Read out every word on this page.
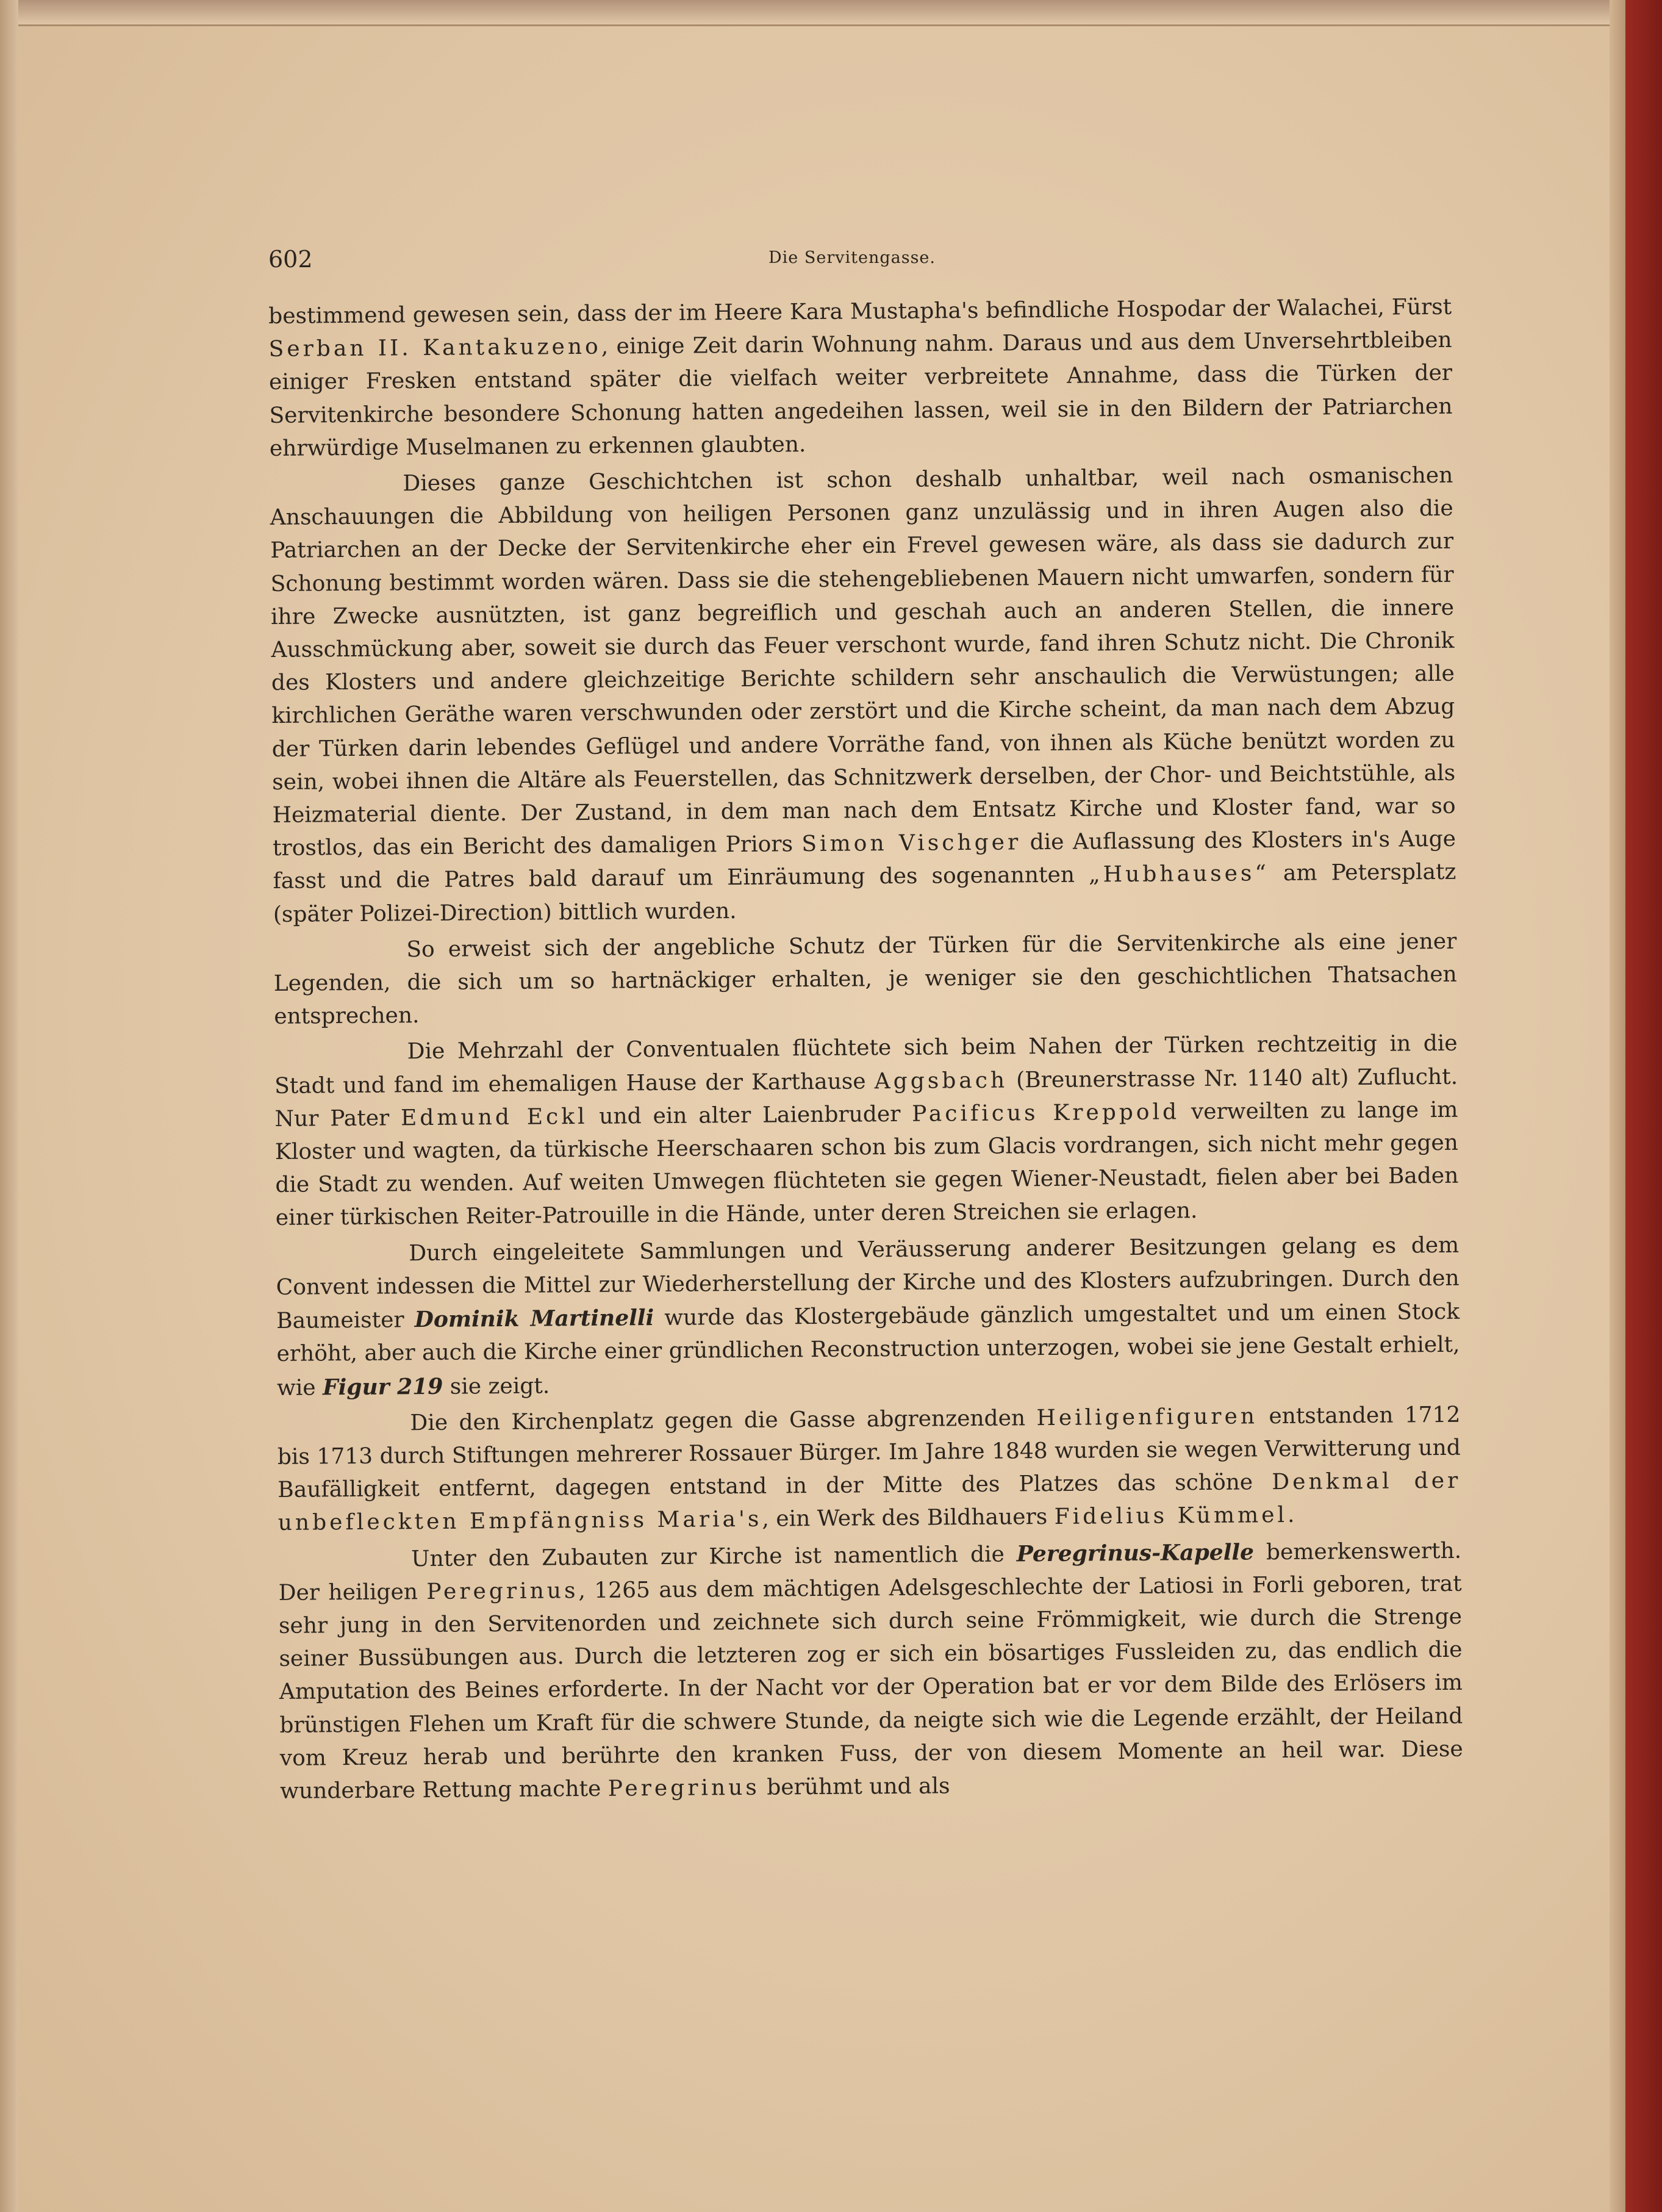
602	Die Servitengasse.

bestimmend gewesen sein, dass der im Heere Kara Mustapha's befindliche Hospodar der Walachei, Fürst Serban II. Kantakuzeno, einige Zeit darin Wohnung nahm. Daraus und aus dem Unversehrtbleiben einiger Fresken entstand später die vielfach weiter verbreitete Annahme, dass die Türken der Servitenkirche besondere Schonung hatten angedeihen lassen, weil sie in den Bildern der Patriarchen ehrwürdige Muselmanen zu erkennen glaubten.

Dieses ganze Geschichtchen ist schon deshalb unhaltbar, weil nach osmanischen Anschauungen die Abbildung von heiligen Personen ganz unzulässig und in ihren Augen also die Patriarchen an der Decke der Servitenkirche eher ein Frevel gewesen wäre, als dass sie dadurch zur Schonung bestimmt worden wären. Dass sie die stehengebliebenen Mauern nicht umwarfen, sondern für ihre Zwecke ausnützten, ist ganz begreiflich und geschah auch an anderen Stellen, die innere Ausschmückung aber, soweit sie durch das Feuer verschont wurde, fand ihren Schutz nicht. Die Chronik des Klosters und andere gleichzeitige Berichte schildern sehr anschaulich die Verwüstungen; alle kirchlichen Geräthe waren verschwunden oder zerstört und die Kirche scheint, da man nach dem Abzug der Türken darin lebendes Geflügel und andere Vorräthe fand, von ihnen als Küche benützt worden zu sein, wobei ihnen die Altäre als Feuerstellen, das Schnitzwerk derselben, der Chor- und Beichtstühle, als Heizmaterial diente. Der Zustand, in dem man nach dem Entsatz Kirche und Kloster fand, war so trostlos, das ein Bericht des damaligen Priors Simon Vischger die Auflassung des Klosters in's Auge fasst und die Patres bald darauf um Einräumung des sogenannten „Hubhauses“ am Petersplatz (später Polizei-Direction) bittlich wurden.

So erweist sich der angebliche Schutz der Türken für die Servitenkirche als eine jener Legenden, die sich um so hartnäckiger erhalten, je weniger sie den geschichtlichen Thatsachen entsprechen.

Die Mehrzahl der Conventualen flüchtete sich beim Nahen der Türken rechtzeitig in die Stadt und fand im ehemaligen Hause der Karthause Aggsbach (Breunerstrasse Nr. 1140 alt) Zuflucht. Nur Pater Edmund Eckl und ein alter Laienbruder Pacificus Kreppold verweilten zu lange im Kloster und wagten, da türkische Heerschaaren schon bis zum Glacis vordrangen, sich nicht mehr gegen die Stadt zu wenden. Auf weiten Umwegen flüchteten sie gegen Wiener-Neustadt, fielen aber bei Baden einer türkischen Reiter-Patrouille in die Hände, unter deren Streichen sie erlagen.

Durch eingeleitete Sammlungen und Veräusserung anderer Besitzungen gelang es dem Convent indessen die Mittel zur Wiederherstellung der Kirche und des Klosters aufzubringen. Durch den Baumeister Dominik Martinelli wurde das Klostergebäude gänzlich umgestaltet und um einen Stock erhöht, aber auch die Kirche einer gründlichen Reconstruction unterzogen, wobei sie jene Gestalt erhielt, wie Figur 219 sie zeigt.

Die den Kirchenplatz gegen die Gasse abgrenzenden Heiligenfiguren entstanden 1712 bis 1713 durch Stiftungen mehrerer Rossauer Bürger. Im Jahre 1848 wurden sie wegen Verwitterung und Baufälligkeit entfernt, dagegen entstand in der Mitte des Platzes das schöne Denkmal der unbefleckten Empfängniss Maria's, ein Werk des Bildhauers Fidelius Kümmel.

Unter den Zubauten zur Kirche ist namentlich die Peregrinus-Kapelle bemerkenswerth. Der heiligen Peregrinus, 1265 aus dem mächtigen Adelsgeschlechte der Latiosi in Forli geboren, trat sehr jung in den Servitenorden und zeichnete sich durch seine Frömmigkeit, wie durch die Strenge seiner Bussübungen aus. Durch die letzteren zog er sich ein bösartiges Fussleiden zu, das endlich die Amputation des Beines erforderte. In der Nacht vor der Operation bat er vor dem Bilde des Erlösers im brünstigen Flehen um Kraft für die schwere Stunde, da neigte sich wie die Legende erzählt, der Heiland vom Kreuz herab und berührte den kranken Fuss, der von diesem Momente an heil war. Diese wunderbare Rettung machte Peregrinus berühmt und als
